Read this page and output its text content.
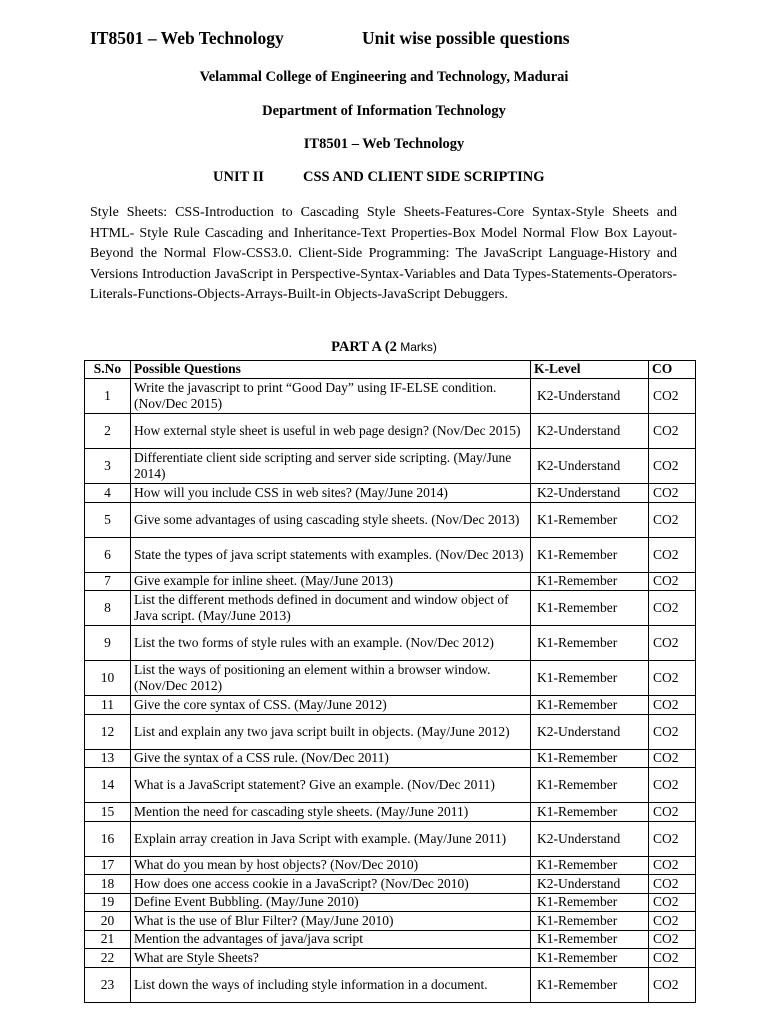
IT8501 – Web Technology	Unit wise possible questions
Velammal College of Engineering and Technology, Madurai
Department of Information Technology
IT8501 – Web Technology
UNIT II	CSS AND CLIENT SIDE SCRIPTING
Style Sheets: CSS-Introduction to Cascading Style Sheets-Features-Core Syntax-Style Sheets and HTML- Style Rule Cascading and Inheritance-Text Properties-Box Model Normal Flow Box Layout-Beyond the Normal Flow-CSS3.0. Client-Side Programming: The JavaScript Language-History and Versions Introduction JavaScript in Perspective-Syntax-Variables and Data Types-Statements-Operators-Literals-Functions-Objects-Arrays-Built-in Objects-JavaScript Debuggers.
PART A (2 Marks)
S.No	Possible Questions	K-Level	CO
1	Write the javascript to print “Good Day” using IF-ELSE condition. (Nov/Dec 2015)	K2-Understand	CO2
2	How external style sheet is useful in web page design? (Nov/Dec 2015)	K2-Understand	CO2
3	Differentiate client side scripting and server side scripting. (May/June 2014)	K2-Understand	CO2
4	How will you include CSS in web sites? (May/June 2014)	K2-Understand	CO2
5	Give some advantages of using cascading style sheets. (Nov/Dec 2013)	K1-Remember	CO2
6	State the types of java script statements with examples. (Nov/Dec 2013)	K1-Remember	CO2
7	Give example for inline sheet. (May/June 2013)	K1-Remember	CO2
8	List the different methods defined in document and window object of Java script. (May/June 2013)	K1-Remember	CO2
9	List the two forms of style rules with an example. (Nov/Dec 2012)	K1-Remember	CO2
10	List the ways of positioning an element within a browser window. (Nov/Dec 2012)	K1-Remember	CO2
11	Give the core syntax of CSS. (May/June 2012)	K1-Remember	CO2
12	List and explain any two java script built in objects. (May/June 2012)	K2-Understand	CO2
13	Give the syntax of a CSS rule. (Nov/Dec 2011)	K1-Remember	CO2
14	What is a JavaScript statement? Give an example. (Nov/Dec 2011)	K1-Remember	CO2
15	Mention the need for cascading style sheets. (May/June 2011)	K1-Remember	CO2
16	Explain array creation in Java Script with example. (May/June 2011)	K2-Understand	CO2
17	What do you mean by host objects? (Nov/Dec 2010)	K1-Remember	CO2
18	How does one access cookie in a JavaScript? (Nov/Dec 2010)	K2-Understand	CO2
19	Define Event Bubbling. (May/June 2010)	K1-Remember	CO2
20	What is the use of Blur Filter? (May/June 2010)	K1-Remember	CO2
21	Mention the advantages of java/java script	K1-Remember	CO2
22	What are Style Sheets?	K1-Remember	CO2
23	List down the ways of including style information in a document.	K1-Remember	CO2
